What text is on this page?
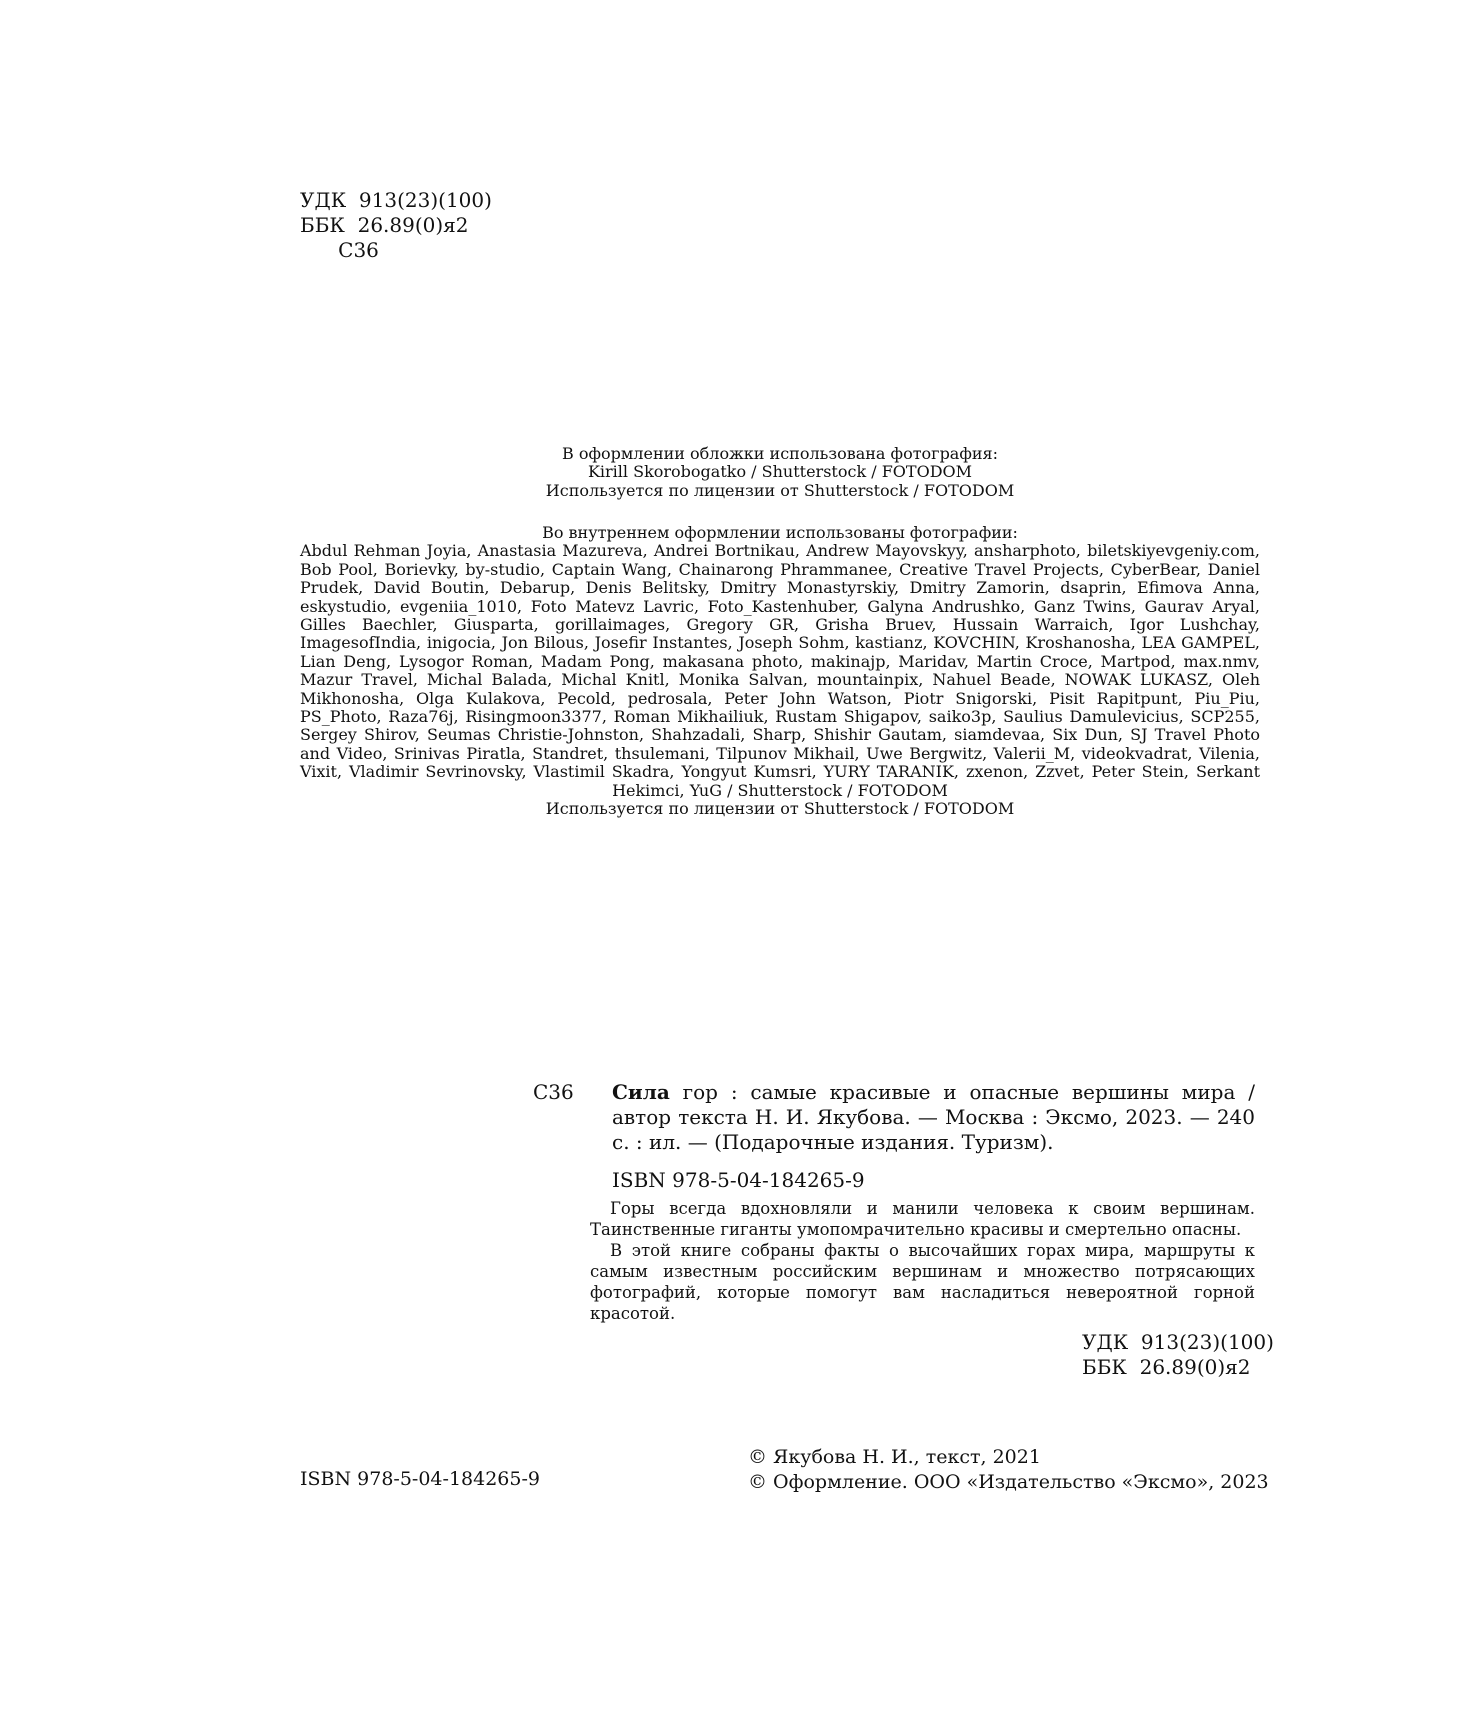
УДК 913(23)(100)
ББК 26.89(0)я2
С36

В оформлении обложки использована фотография:

Kirill Skorobogatko / Shutterstock / FOTODOM

Используется по лицензии от Shutterstock / FOTODOM

Во внутреннем оформлении использованы фотографии:

Abdul Rehman Joyia, Anastasia Mazureva, Andrei Bortnikau, Andrew Mayovskyy, ansharphoto, biletskiyevgeniy.com, Bob Pool, Borievky, by-studio, Captain Wang, Chainarong Phrammanee, Creative Travel Projects, CyberBear, Daniel Prudek, David Boutin, Debarup, Denis Belitsky, Dmitry Monastyrskiy, Dmitry Zamorin, dsaprin, Efimova Anna, eskystudio, evgeniia_1010, Foto Matevz Lavric, Foto_Kastenhuber, Galyna Andrushko, Ganz Twins, Gaurav Aryal, Gilles Baechler, Giusparta, gorillaimages, Gregory GR, Grisha Bruev, Hussain Warraich, Igor Lushchay, ImagesofIndia, inigocia, Jon Bilous, Josefir Instantes, Joseph Sohm, kastianz, KOVCHIN, Kroshanosha, LEA GAMPEL, Lian Deng, Lysogor Roman, Madam Pong, makasana photo, makinajp, Maridav, Martin Croce, Martpod, max.nmv, Mazur Travel, Michal Balada, Michal Knitl, Monika Salvan, mountainpix, Nahuel Beade, NOWAK LUKASZ, Oleh Mikhonosha, Olga Kulakova, Pecold, pedrosala, Peter John Watson, Piotr Snigorski, Pisit Rapitpunt, Piu_Piu, PS_Photo, Raza76j, Risingmoon3377, Roman Mikhailiuk, Rustam Shigapov, saiko3p, Saulius Damulevicius, SCP255, Sergey Shirov, Seumas Christie-Johnston, Shahzadali, Sharp, Shishir Gautam, siamdevaa, Six Dun, SJ Travel Photo and Video, Srinivas Piratla, Standret, thsulemani, Tilpunov Mikhail, Uwe Bergwitz, Valerii_M, videokvadrat, Vilenia, Vixit, Vladimir Sevrinovsky, Vlastimil Skadra, Yongyut Kumsri, YURY TARANIK, zxenon, Zzvet, Peter Stein, Serkant Hekimci, YuG / Shutterstock / FOTODOM

Используется по лицензии от Shutterstock / FOTODOM

С36 Сила гор : самые красивые и опасные вершины мира / автор текста Н. И. Якубова. — Москва : Эксмо, 2023. — 240 с. : ил. — (Подарочные издания. Туризм).
ISBN 978-5-04-184265-9

Горы всегда вдохновляли и манили человека к своим вершинам. Таинственные гиганты умопомрачительно красивы и смертельно опасны.

В этой книге собраны факты о высочайших горах мира, маршруты к самым известным российским вершинам и множество потрясающих фотографий, которые помогут вам насладиться невероятной горной красотой.

УДК 913(23)(100)
ББК 26.89(0)я2
ISBN 978-5-04-184265-9
© Якубова Н. И., текст, 2021
© Оформление. ООО «Издательство «Эксмо», 2023
